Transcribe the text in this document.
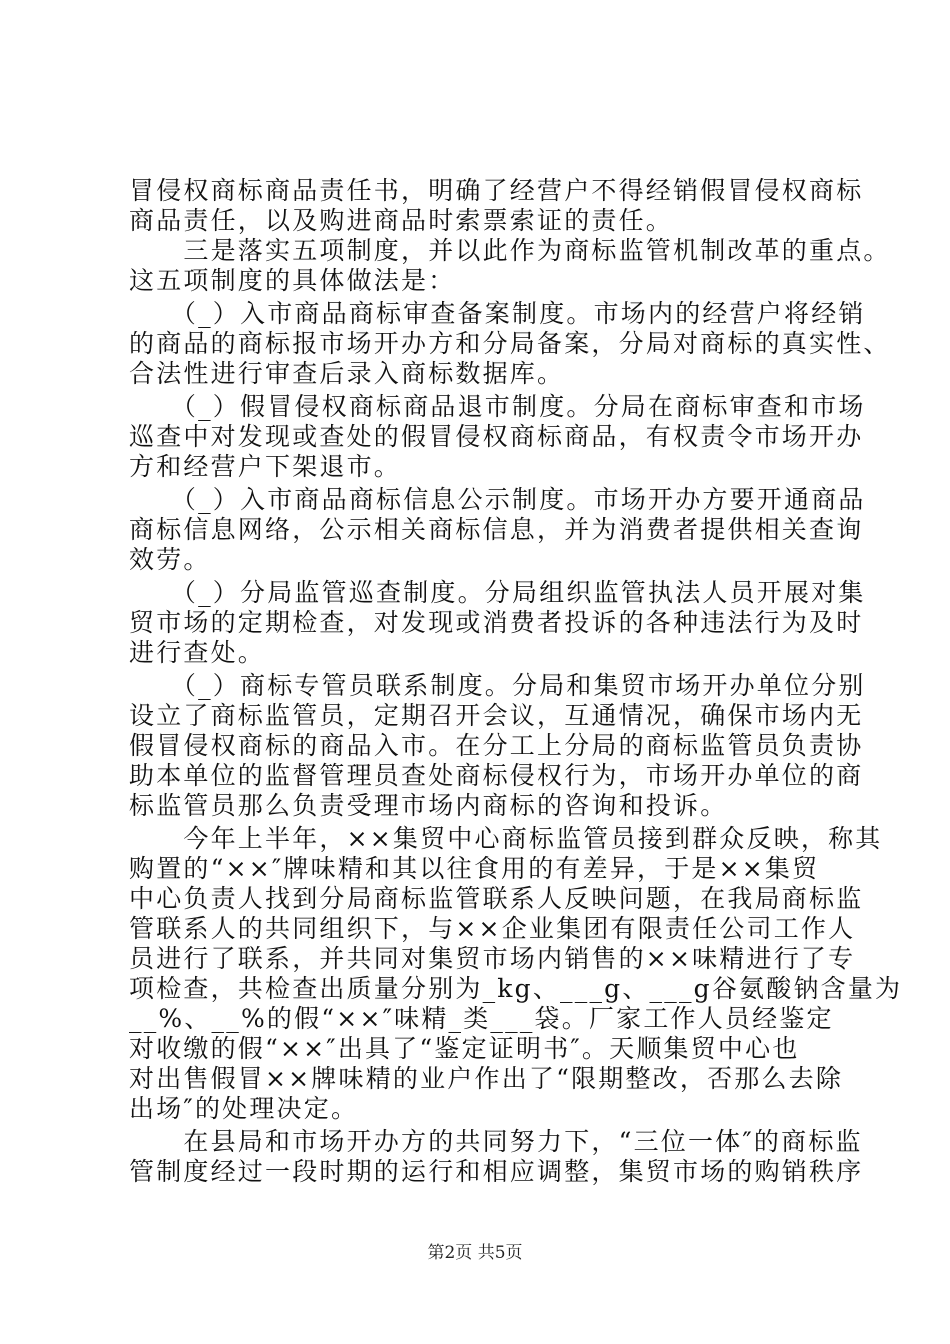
冒侵权商标商品责任书，明确了经营户不得经销假冒侵权商标
商品责任，以及购进商品时索票索证的责任。
　　三是落实五项制度，并以此作为商标监管机制改革的重点。
这五项制度的具体做法是：
　　（_）入市商品商标审查备案制度。市场内的经营户将经销
的商品的商标报市场开办方和分局备案，分局对商标的真实性、
合法性进行审查后录入商标数据库。
　　（_）假冒侵权商标商品退市制度。分局在商标审查和市场
巡查中对发现或查处的假冒侵权商标商品，有权责令市场开办
方和经营户下架退市。
　　（_）入市商品商标信息公示制度。市场开办方要开通商品
商标信息网络，公示相关商标信息，并为消费者提供相关查询
效劳。
　　（_）分局监管巡查制度。分局组织监管执法人员开展对集
贸市场的定期检查，对发现或消费者投诉的各种违法行为及时
进行查处。
　　（_）商标专管员联系制度。分局和集贸市场开办单位分别
设立了商标监管员，定期召开会议，互通情况，确保市场内无
假冒侵权商标的商品入市。在分工上分局的商标监管员负责协
助本单位的监督管理员查处商标侵权行为，市场开办单位的商
标监管员那么负责受理市场内商标的咨询和投诉。
　　今年上半年，××集贸中心商标监管员接到群众反映，称其
购置的“××″牌味精和其以往食用的有差异，于是××集贸
中心负责人找到分局商标监管联系人反映问题，在我局商标监
管联系人的共同组织下，与××企业集团有限责任公司工作人
员进行了联系，并共同对集贸市场内销售的××味精进行了专
项检查，共检查出质量分别为_kg、___g、___g谷氨酸钠含量为
__%、__%的假“××″味精_类___袋。厂家工作人员经鉴定
对收缴的假“××″出具了“鉴定证明书″。天顺集贸中心也
对出售假冒××牌味精的业户作出了“限期整改，否那么去除
出场″的处理决定。
　　在县局和市场开办方的共同努力下，“三位一体″的商标监
管制度经过一段时期的运行和相应调整，集贸市场的购销秩序
第2页 共5页
